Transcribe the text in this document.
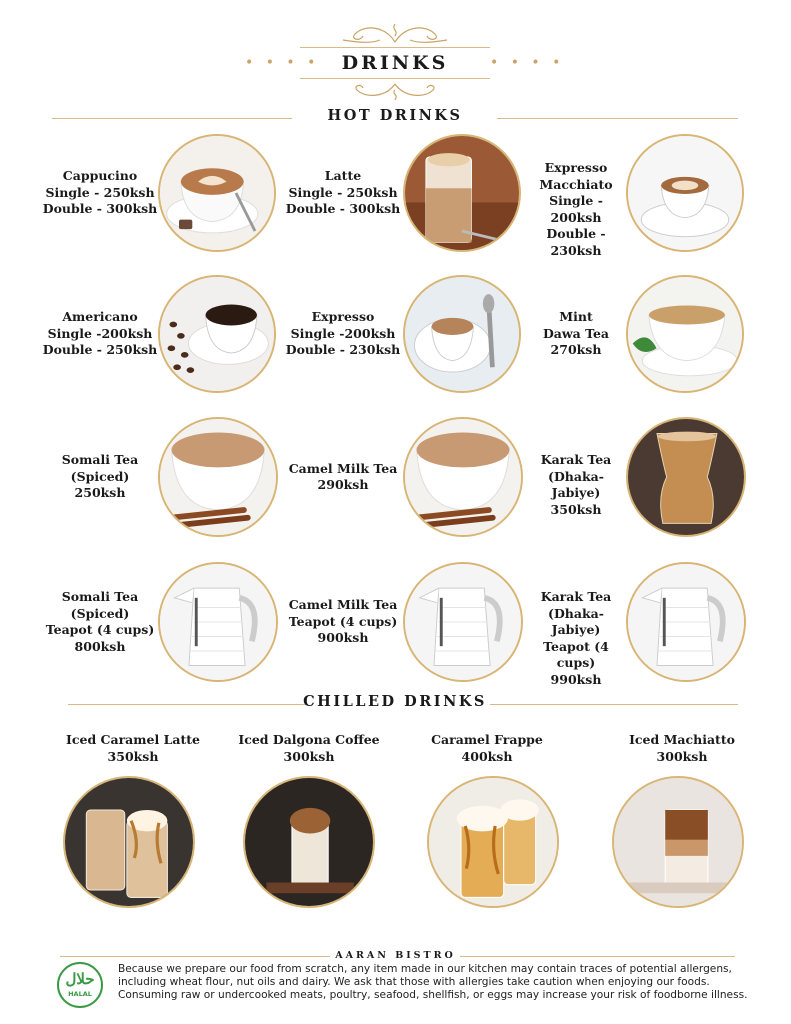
DRINKS
• • • •	• • • •
HOT DRINKS
Cappucino
Single - 250ksh
Double - 300ksh
Latte
Single - 250ksh
Double - 300ksh
Expresso
Macchiato
Single - 200ksh
Double - 230ksh
Americano
Single -200ksh
Double - 250ksh
Expresso
Single -200ksh
Double - 230ksh
Mint
Dawa Tea
270ksh
Somali Tea
(Spiced)
250ksh
Camel Milk Tea
290ksh
Karak Tea
(Dhaka-Jabiye)
350ksh
Somali Tea
(Spiced)
Teapot (4 cups)
800ksh
Camel Milk Tea
Teapot (4 cups)
900ksh
Karak Tea
(Dhaka-Jabiye)
Teapot (4 cups)
990ksh
CHILLED DRINKS
Iced Caramel Latte
350ksh
Iced Dalgona Coffee
300ksh
Caramel Frappe
400ksh
Iced Machiatto
300ksh
AARAN BISTRO
حلال
HALAL
Because we prepare our food from scratch, any item made in our kitchen may contain traces of potential allergens,
including wheat flour, nut oils and dairy. We ask that those with allergies take caution when enjoying our foods.
Consuming raw or undercooked meats, poultry, seafood, shellfish, or eggs may increase your risk of foodborne illness.
